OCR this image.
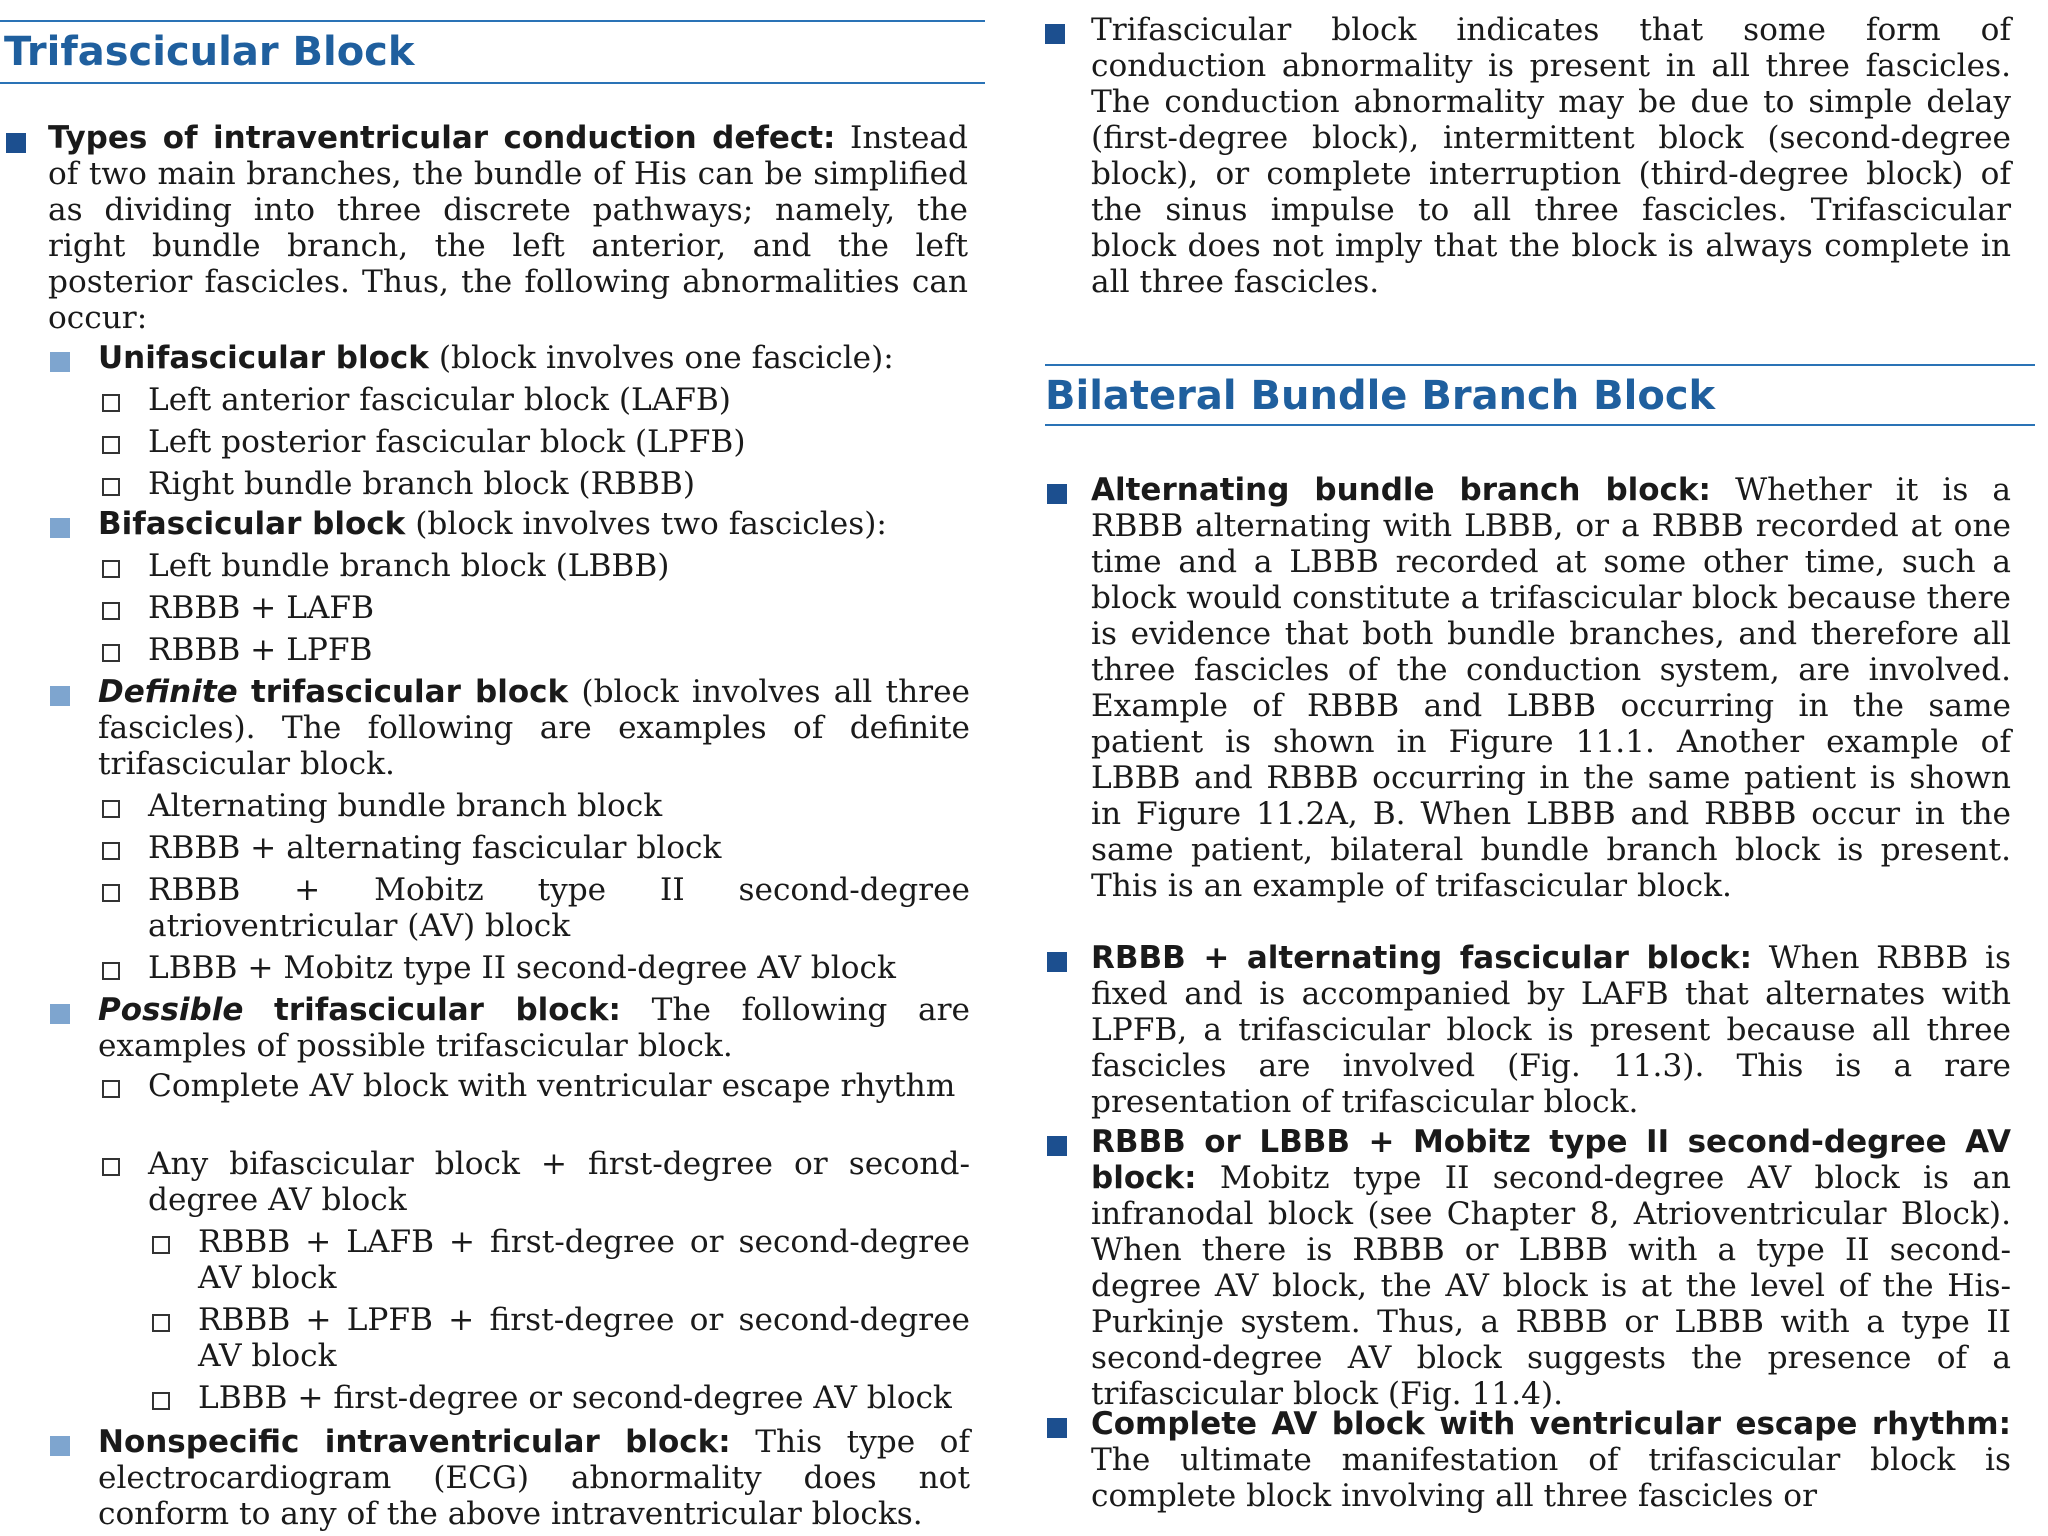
Trifascicular Block
Types of intraventricular conduction defect: Instead of two main branches, the bundle of His can be simplified as dividing into three discrete pathways; namely, the right bundle branch, the left anterior, and the left posterior fascicles. Thus, the following abnormalities can occur:
Unifascicular block (block involves one fascicle):
Left anterior fascicular block (LAFB)
Left posterior fascicular block (LPFB)
Right bundle branch block (RBBB)
Bifascicular block (block involves two fascicles):
Left bundle branch block (LBBB)
RBBB + LAFB
RBBB + LPFB
Definite trifascicular block (block involves all three fascicles). The following are examples of definite trifascicular block.
Alternating bundle branch block
RBBB + alternating fascicular block
RBBB + Mobitz type II second-degree atrioventricular (AV) block
LBBB + Mobitz type II second-degree AV block
Possible trifascicular block: The following are examples of possible trifascicular block.
Complete AV block with ventricular escape rhythm
Any bifascicular block + first-degree or second-degree AV block
RBBB + LAFB + first-degree or second-degree AV block
RBBB + LPFB + first-degree or second-degree AV block
LBBB + first-degree or second-degree AV block
Nonspecific intraventricular block: This type of electrocardiogram (ECG) abnormality does not conform to any of the above intraventricular blocks.
Trifascicular block indicates that some form of conduction abnormality is present in all three fascicles. The conduction abnormality may be due to simple delay (first-degree block), intermittent block (second-degree block), or complete interruption (third-degree block) of the sinus impulse to all three fascicles. Trifascicular block does not imply that the block is always complete in all three fascicles.
Bilateral Bundle Branch Block
Alternating bundle branch block: Whether it is a RBBB alternating with LBBB, or a RBBB recorded at one time and a LBBB recorded at some other time, such a block would constitute a trifascicular block because there is evidence that both bundle branches, and therefore all three fascicles of the conduction system, are involved. Example of RBBB and LBBB occurring in the same patient is shown in Figure 11.1. Another example of LBBB and RBBB occurring in the same patient is shown in Figure 11.2A, B. When LBBB and RBBB occur in the same patient, bilateral bundle branch block is present. This is an example of trifascicular block.
RBBB + alternating fascicular block: When RBBB is fixed and is accompanied by LAFB that alternates with LPFB, a trifascicular block is present because all three fascicles are involved (Fig. 11.3). This is a rare presentation of trifascicular block.
RBBB or LBBB + Mobitz type II second-degree AV block: Mobitz type II second-degree AV block is an infranodal block (see Chapter 8, Atrioventricular Block). When there is RBBB or LBBB with a type II second-degree AV block, the AV block is at the level of the His-Purkinje system. Thus, a RBBB or LBBB with a type II second-degree AV block suggests the presence of a trifascicular block (Fig. 11.4).
Complete AV block with ventricular escape rhythm: The ultimate manifestation of trifascicular block is complete block involving all three fascicles or
